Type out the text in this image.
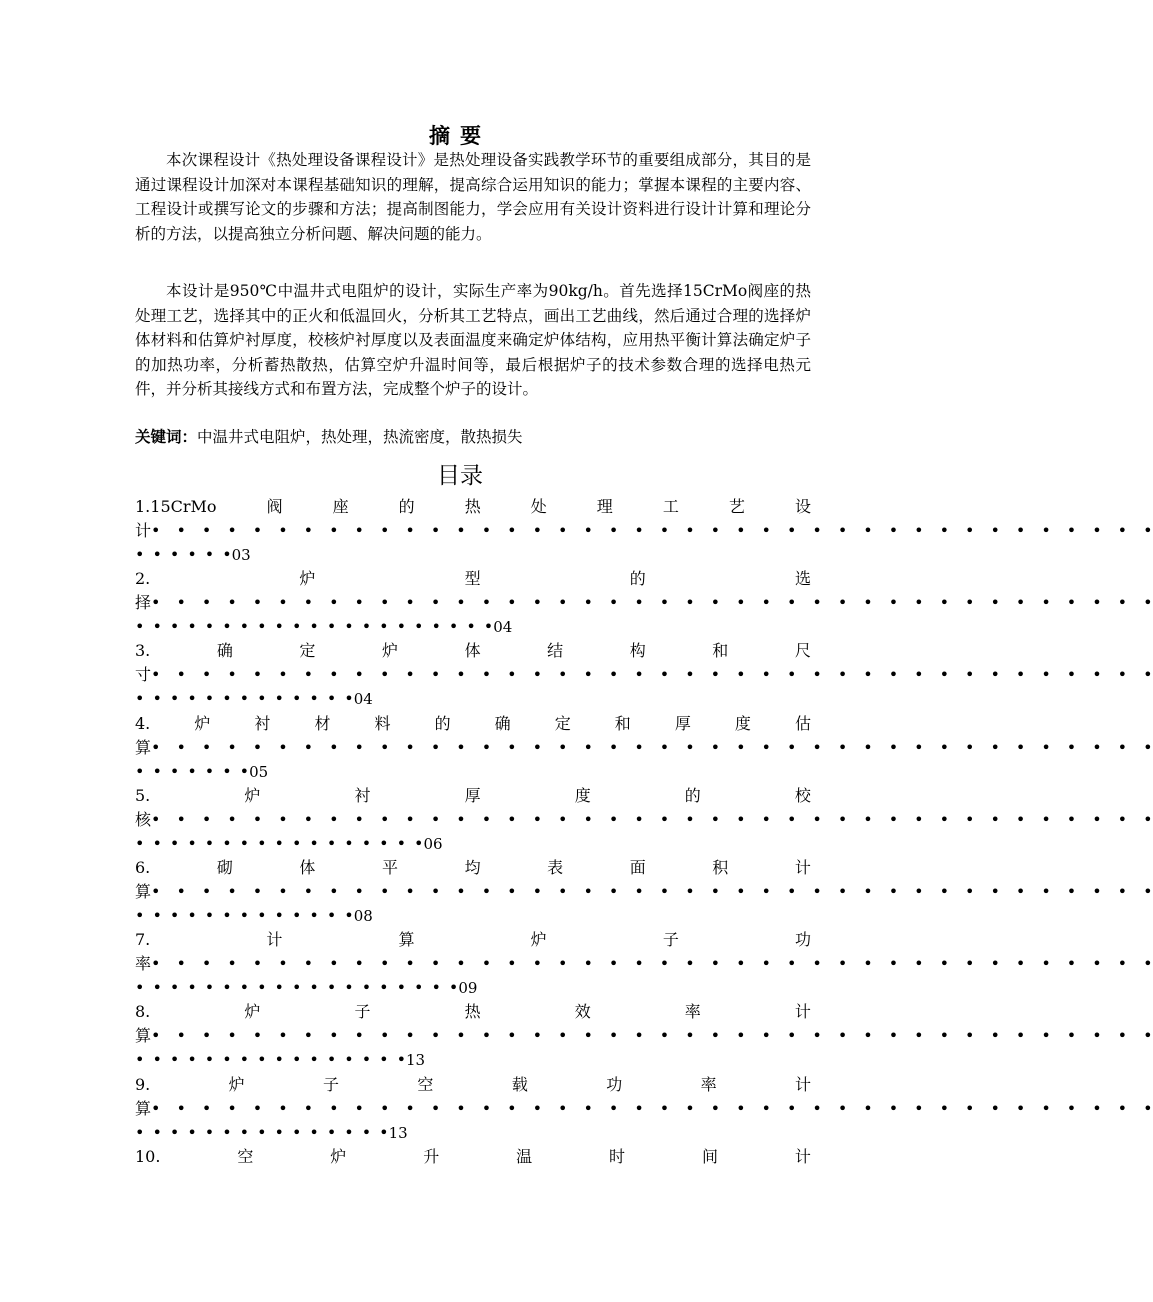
摘要

本次课程设计《热处理设备课程设计》是热处理设备实践教学环节的重要组成部分，其目的是通过课程设计加深对本课程基础知识的理解，提高综合运用知识的能力；掌握本课程的主要内容、工程设计或撰写论文的步骤和方法；提高制图能力，学会应用有关设计资料进行设计计算和理论分析的方法，以提高独立分析问题、解决问题的能力。

本设计是950℃中温井式电阻炉的设计，实际生产率为90kg/h。首先选择15CrMo阀座的热处理工艺，选择其中的正火和低温回火，分析其工艺特点，画出工艺曲线，然后通过合理的选择炉体材料和估算炉衬厚度，校核炉衬厚度以及表面温度来确定炉体结构，应用热平衡计算法确定炉子的加热功率，分析蓄热散热，估算空炉升温时间等，最后根据炉子的技术参数合理的选择电热元件，并分析其接线方式和布置方法，完成整个炉子的设计。

关键词：中温井式电阻炉，热处理，热流密度，散热损失

目录
1.15CrMo	阀	座	的	热	处	理	工	艺	设
计 •  •  •  •  •  •  •  •  •  •  •  •  •  •  •  •  •  •  •  •  •  •  •  •  •  •  •  •  •  •  •  •  •  •  •  •  •  •  •  •
• • • • • •03
2.	炉	型	的	选
择 •  •  •  •  •  •  •  •  •  •  •  •  •  •  •  •  •  •  •  •  •  •  •  •  •  •  •  •  •  •  •  •  •  •  •  •  •  •  •  •
• • • • • • • • • • • • • • • • • • • • •04
3.	确	定	炉	体	结	构	和	尺
寸 •  •  •  •  •  •  •  •  •  •  •  •  •  •  •  •  •  •  •  •  •  •  •  •  •  •  •  •  •  •  •  •  •  •  •  •  •  •  •  •
• • • • • • • • • • • • •04
4.	炉	衬	材	料	的	确	定	和	厚	度	估
算 •  •  •  •  •  •  •  •  •  •  •  •  •  •  •  •  •  •  •  •  •  •  •  •  •  •  •  •  •  •  •  •  •  •  •  •  •  •  •  •
• • • • • • •05
5.	炉	衬	厚	度	的	校
核 •  •  •  •  •  •  •  •  •  •  •  •  •  •  •  •  •  •  •  •  •  •  •  •  •  •  •  •  •  •  •  •  •  •  •  •  •  •  •  •
• • • • • • • • • • • • • • • • •06
6.	砌	体	平	均	表	面	积	计
算 •  •  •  •  •  •  •  •  •  •  •  •  •  •  •  •  •  •  •  •  •  •  •  •  •  •  •  •  •  •  •  •  •  •  •  •  •  •  •  •
• • • • • • • • • • • • •08
7.	计	算	炉	子	功
率 •  •  •  •  •  •  •  •  •  •  •  •  •  •  •  •  •  •  •  •  •  •  •  •  •  •  •  •  •  •  •  •  •  •  •  •  •  •  •  •
• • • • • • • • • • • • • • • • • • •09
8.	炉	子	热	效	率	计
算 •  •  •  •  •  •  •  •  •  •  •  •  •  •  •  •  •  •  •  •  •  •  •  •  •  •  •  •  •  •  •  •  •  •  •  •  •  •  •  •
• • • • • • • • • • • • • • • •13
9.	炉	子	空	载	功	率	计
算 •  •  •  •  •  •  •  •  •  •  •  •  •  •  •  •  •  •  •  •  •  •  •  •  •  •  •  •  •  •  •  •  •  •  •  •  •  •  •  •
• • • • • • • • • • • • • • •13
10.	空	炉	升	温	时	间	计
